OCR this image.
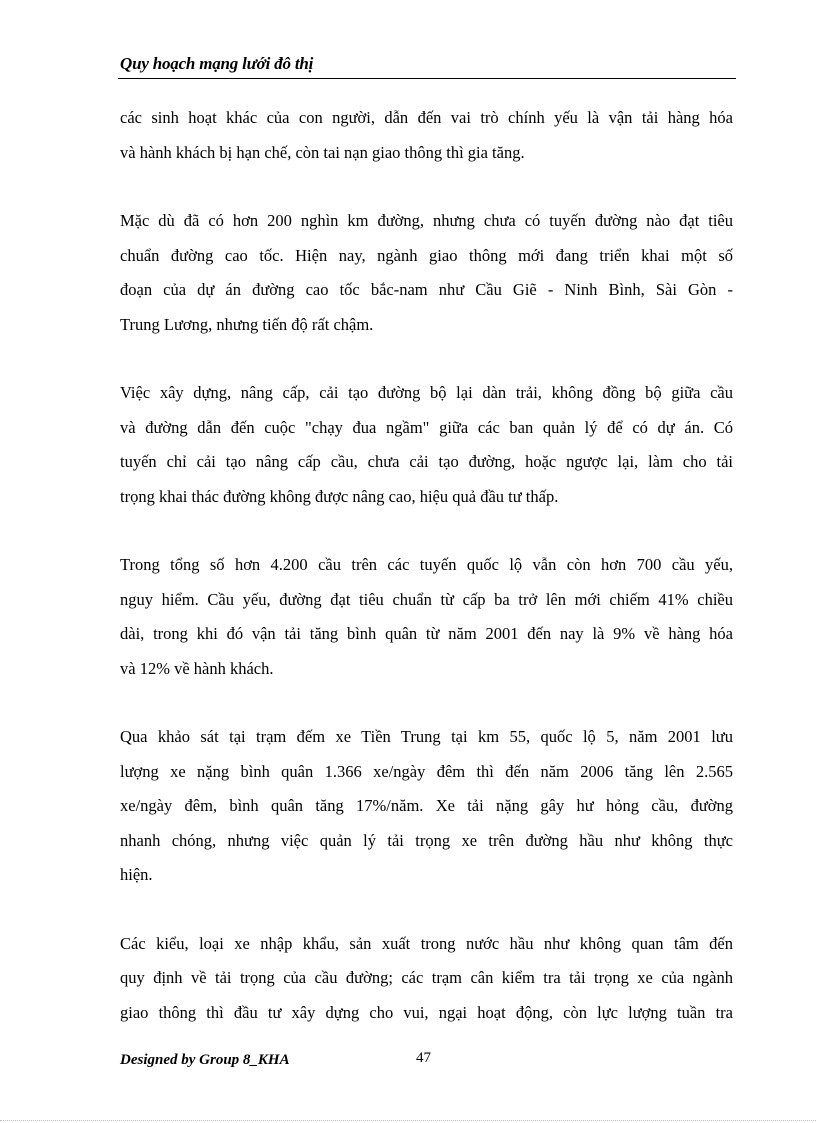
Quy hoạch mạng lưới đô thị

các sinh hoạt khác của con người, dẫn đến vai trò chính yếu là vận tải hàng hóa
và hành khách bị hạn chế, còn tai nạn giao thông thì gia tăng.

Mặc dù đã có hơn 200 nghìn km đường, nhưng chưa có tuyến đường nào đạt tiêu
chuẩn đường cao tốc. Hiện nay, ngành giao thông mới đang triển khai một số
đoạn của dự án đường cao tốc bắc-nam như Cầu Giẽ - Ninh Bình, Sài Gòn -
Trung Lương, nhưng tiến độ rất chậm.

Việc xây dựng, nâng cấp, cải tạo đường bộ lại dàn trải, không đồng bộ giữa cầu
và đường dẫn đến cuộc "chạy đua ngầm" giữa các ban quản lý để có dự án. Có
tuyến chỉ cải tạo nâng cấp cầu, chưa cải tạo đường, hoặc ngược lại, làm cho tải
trọng khai thác đường không được nâng cao, hiệu quả đầu tư thấp.

Trong tổng số hơn 4.200 cầu trên các tuyến quốc lộ vẫn còn hơn 700 cầu yếu,
nguy hiểm. Cầu yếu, đường đạt tiêu chuẩn từ cấp ba trở lên mới chiếm 41% chiều
dài, trong khi đó vận tải tăng bình quân từ năm 2001 đến nay là 9% về hàng hóa
và 12% về hành khách.

Qua khảo sát tại trạm đếm xe Tiền Trung tại km 55, quốc lộ 5, năm 2001 lưu
lượng xe nặng bình quân 1.366 xe/ngày đêm thì đến năm 2006 tăng lên 2.565
xe/ngày đêm, bình quân tăng 17%/năm. Xe tải nặng gây hư hỏng cầu, đường
nhanh chóng, nhưng việc quản lý tải trọng xe trên đường hầu như không thực
hiện.

Các kiểu, loại xe nhập khẩu, sản xuất trong nước hầu như không quan tâm đến
quy định về tải trọng của cầu đường; các trạm cân kiểm tra tải trọng xe của ngành
giao thông thì đầu tư xây dựng cho vui, ngại hoạt động, còn lực lượng tuần tra

Designed by Group 8_KHA	47
